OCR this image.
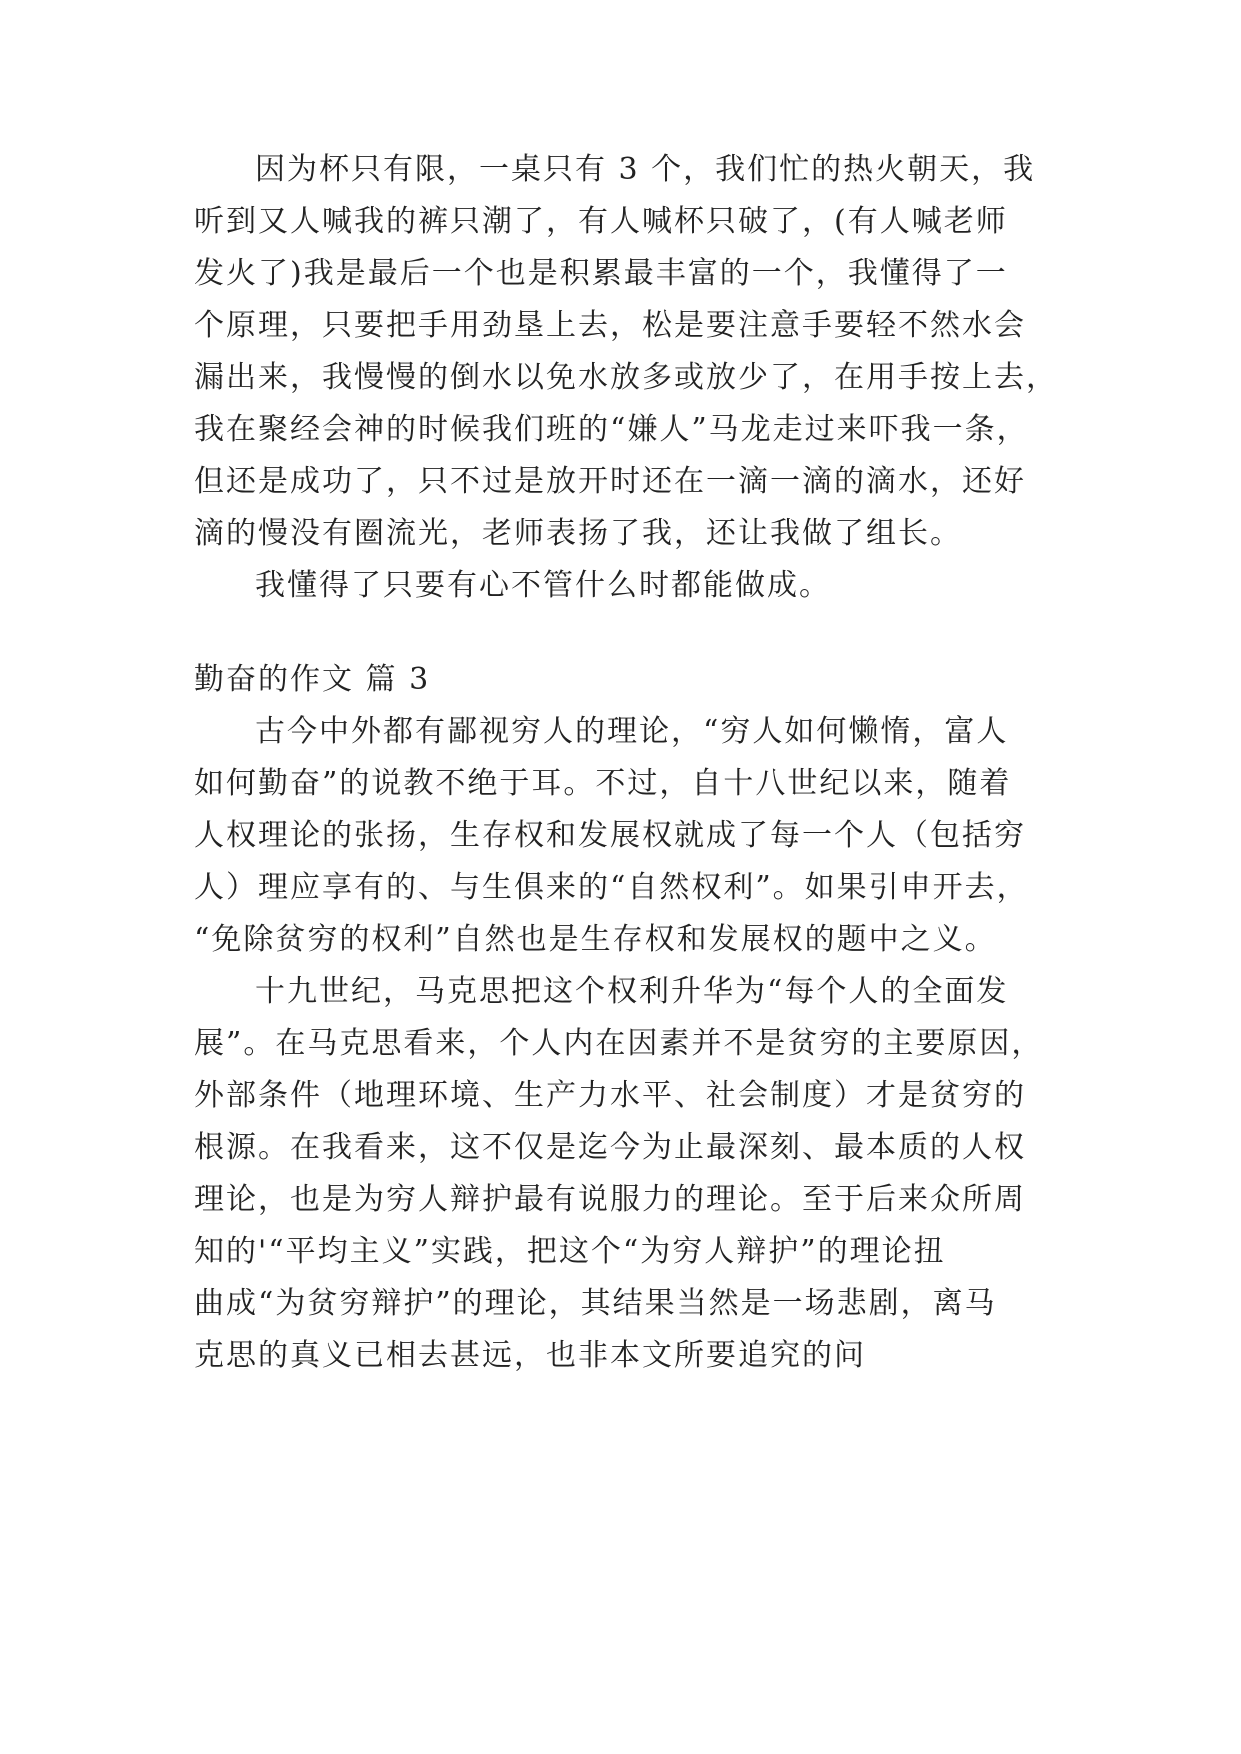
因为杯只有限，一桌只有 3 个，我们忙的热火朝天，我
听到又人喊我的裤只潮了，有人喊杯只破了，(有人喊老师
发火了)我是最后一个也是积累最丰富的一个，我懂得了一
个原理，只要把手用劲垦上去，松是要注意手要轻不然水会
漏出来，我慢慢的倒水以免水放多或放少了，在用手按上去，
我在聚经会神的时候我们班的“嫌人”马龙走过来吓我一条，
但还是成功了，只不过是放开时还在一滴一滴的滴水，还好
滴的慢没有圈流光，老师表扬了我，还让我做了组长。
我懂得了只要有心不管什么时都能做成。
勤奋的作文 篇 3
古今中外都有鄙视穷人的理论，“穷人如何懒惰，富人
如何勤奋”的说教不绝于耳。不过，自十八世纪以来，随着
人权理论的张扬，生存权和发展权就成了每一个人（包括穷
人）理应享有的、与生俱来的“自然权利”。如果引申开去，
“免除贫穷的权利”自然也是生存权和发展权的题中之义。
十九世纪，马克思把这个权利升华为“每个人的全面发
展”。在马克思看来，个人内在因素并不是贫穷的主要原因，
外部条件（地理环境、生产力水平、社会制度）才是贫穷的
根源。在我看来，这不仅是迄今为止最深刻、最本质的人权
理论，也是为穷人辩护最有说服力的理论。至于后来众所周
知的'“平均主义”实践，把这个“为穷人辩护”的理论扭
曲成“为贫穷辩护”的理论，其结果当然是一场悲剧，离马
克思的真义已相去甚远，也非本文所要追究的问
